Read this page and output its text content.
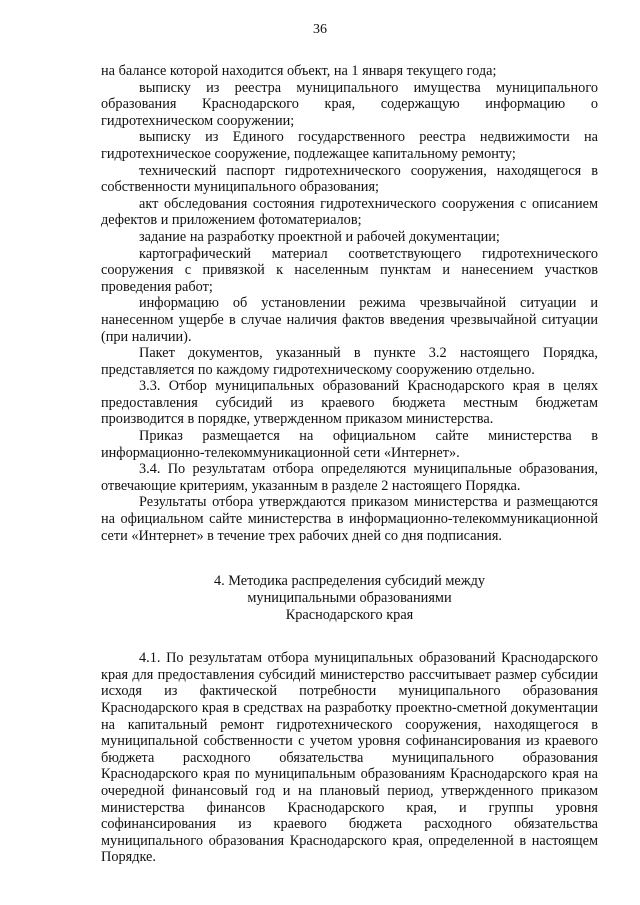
36

на балансе которой находится объект, на 1 января текущего года;

выписку из реестра муниципального имущества муниципального образования Краснодарского края, содержащую информацию о гидротехническом сооружении;

выписку из Единого государственного реестра недвижимости на гидротехническое сооружение, подлежащее капитальному ремонту;

технический паспорт гидротехнического сооружения, находящегося в собственности муниципального образования;

акт обследования состояния гидротехнического сооружения с описанием дефектов и приложением фотоматериалов;

задание на разработку проектной и рабочей документации;

картографический материал соответствующего гидротехнического сооружения с привязкой к населенным пунктам и нанесением участков проведения работ;

информацию об установлении режима чрезвычайной ситуации и нанесенном ущербе в случае наличия фактов введения чрезвычайной ситуации (при наличии).

Пакет документов, указанный в пункте 3.2 настоящего Порядка, представляется по каждому гидротехническому сооружению отдельно.

3.3. Отбор муниципальных образований Краснодарского края в целях предоставления субсидий из краевого бюджета местным бюджетам производится в порядке, утвержденном приказом министерства.

Приказ размещается на официальном сайте министерства в информационно-телекоммуникационной сети «Интернет».

3.4. По результатам отбора определяются муниципальные образования, отвечающие критериям, указанным в разделе 2 настоящего Порядка.

Результаты отбора утверждаются приказом министерства и размещаются на официальном сайте министерства в информационно-телекоммуникационной сети «Интернет» в течение трех рабочих дней со дня подписания.

4. Методика распределения субсидий между
муниципальными образованиями
Краснодарского края

4.1. По результатам отбора муниципальных образований Краснодарского края для предоставления субсидий министерство рассчитывает размер субсидии исходя из фактической потребности муниципального образования Краснодарского края в средствах на разработку проектно-сметной документации на капитальный ремонт гидротехнического сооружения, находящегося в муниципальной собственности с учетом уровня софинансирования из краевого бюджета расходного обязательства муниципального образования Краснодарского края по муниципальным образованиям Краснодарского края на очередной финансовый год и на плановый период, утвержденного приказом министерства финансов Краснодарского края, и группы уровня софинансирования из краевого бюджета расходного обязательства муниципального образования Краснодарского края, определенной в настоящем Порядке.
